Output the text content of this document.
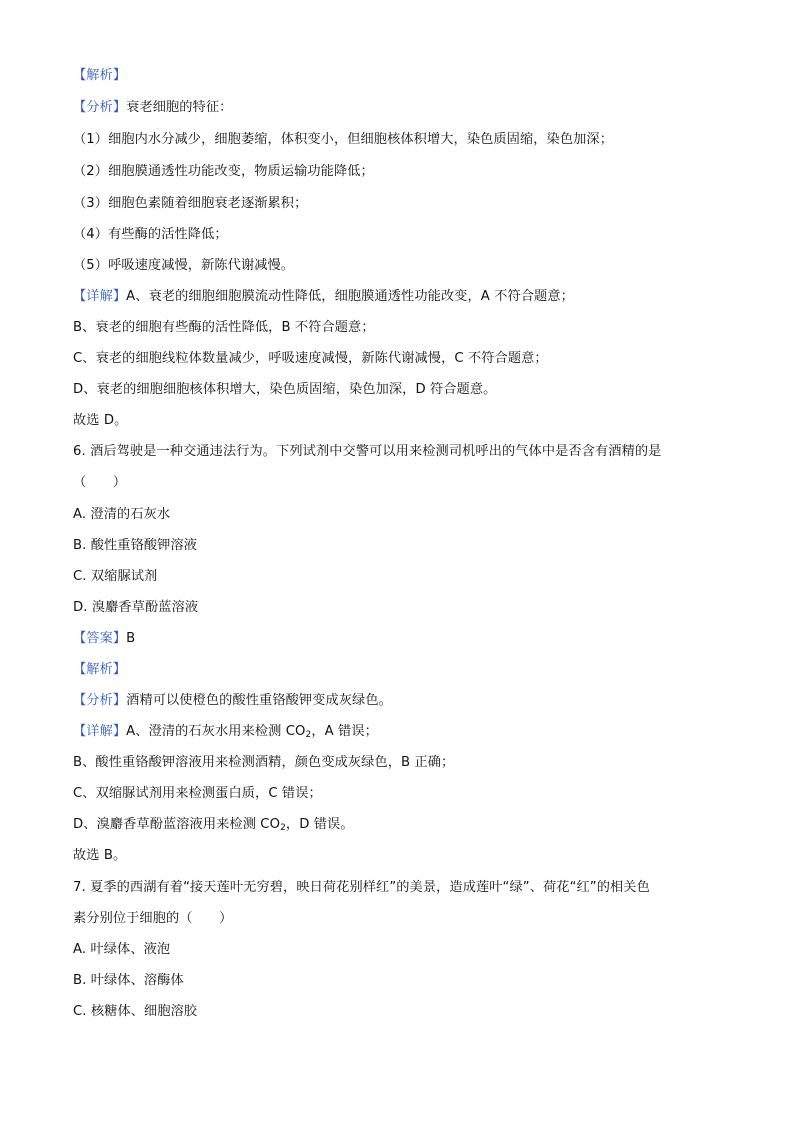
【解析】
【分析】衰老细胞的特征：
（1）细胞内水分减少，细胞萎缩，体积变小，但细胞核体积增大，染色质固缩，染色加深；
（2）细胞膜通透性功能改变，物质运输功能降低；
（3）细胞色素随着细胞衰老逐渐累积；
（4）有些酶的活性降低；
（5）呼吸速度减慢，新陈代谢减慢。
【详解】A、衰老的细胞细胞膜流动性降低，细胞膜通透性功能改变，A 不符合题意；
B、衰老的细胞有些酶的活性降低，B 不符合题意；
C、衰老的细胞线粒体数量减少，呼吸速度减慢，新陈代谢减慢，C 不符合题意；
D、衰老的细胞细胞核体积增大，染色质固缩，染色加深，D 符合题意。
故选 D。
6. 酒后驾驶是一种交通违法行为。下列试剂中交警可以用来检测司机呼出的气体中是否含有酒精的是
（　　）
A. 澄清的石灰水
B. 酸性重铬酸钾溶液
C. 双缩脲试剂
D. 溴麝香草酚蓝溶液
【答案】B
【解析】
【分析】酒精可以使橙色的酸性重铬酸钾变成灰绿色。
【详解】A、澄清的石灰水用来检测 $CO_2$，A 错误；
B、酸性重铬酸钾溶液用来检测酒精，颜色变成灰绿色，B 正确；
C、双缩脲试剂用来检测蛋白质，C 错误；
D、溴麝香草酚蓝溶液用来检测 $CO_2$，D 错误。
故选 B。
7. 夏季的西湖有着“接天莲叶无穷碧，映日荷花别样红”的美景，造成莲叶“绿”、荷花“红”的相关色
素分别位于细胞的（　　）
A. 叶绿体、液泡
B. 叶绿体、溶酶体
C. 核糖体、细胞溶胶
